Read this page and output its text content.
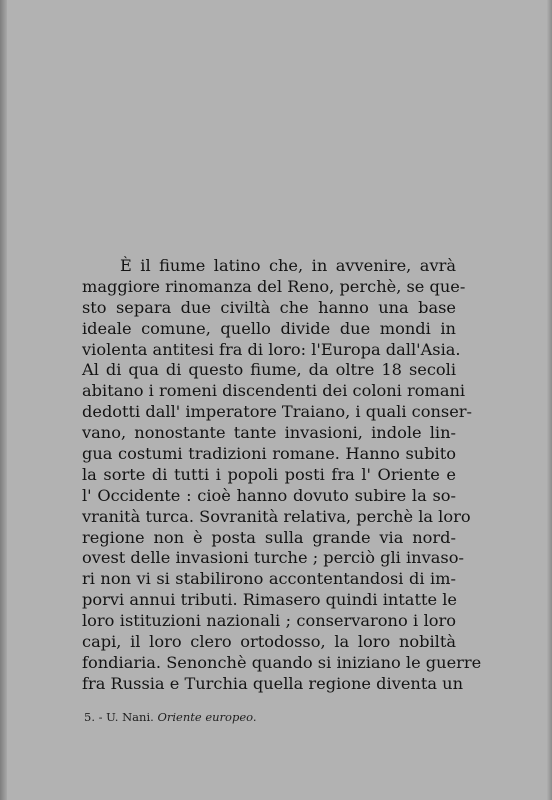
È il fiume latino che, in avvenire, avrà
maggiore rinomanza del Reno, perchè, se que-
sto separa due civiltà che hanno una base
ideale comune, quello divide due mondi in
violenta antitesi fra di loro: l'Europa dall'Asia.
Al di qua di questo fiume, da oltre 18 secoli
abitano i romeni discendenti dei coloni romani
dedotti dall' imperatore Traiano, i quali conser-
vano, nonostante tante invasioni, indole lin-
gua costumi tradizioni romane. Hanno subito
la sorte di tutti i popoli posti fra l' Oriente e
l' Occidente : cioè hanno dovuto subire la so-
vranità turca. Sovranità relativa, perchè la loro
regione non è posta sulla grande via nord-
ovest delle invasioni turche ; perciò gli invaso-
ri non vi si stabilirono accontentandosi di im-
porvi annui tributi. Rimasero quindi intatte le
loro istituzioni nazionali ; conservarono i loro
capi, il loro clero ortodosso, la loro nobiltà
fondiaria. Senonchè quando si iniziano le guerre
fra Russia e Turchia quella regione diventa un
5. - U. Nani. Oriente europeo.
